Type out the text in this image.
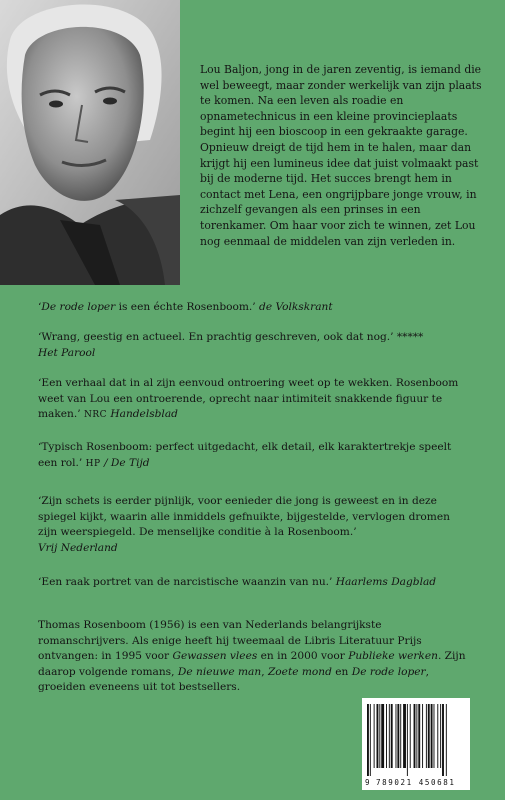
Lou Baljon, jong in de jaren zeventig, is iemand die wel beweegt, maar zonder werkelijk van zijn plaats te komen. Na een leven als roadie en opnametechnicus in een kleine provincieplaats begint hij een bioscoop in een gekraakte garage. Opnieuw dreigt de tijd hem in te halen, maar dan krijgt hij een lumineus idee dat juist volmaakt past bij de moderne tijd. Het succes brengt hem in contact met Lena, een ongrijpbare jonge vrouw, in zichzelf gevangen als een prinses in een torenkamer. Om haar voor zich te winnen, zet Lou nog eenmaal de middelen van zijn verleden in.
‘De rode loper is een échte Rosenboom.’ de Volkskrant
‘Wrang, geestig en actueel. En prachtig geschreven, ook dat nog.’ *****
Het Parool
‘Een verhaal dat in al zijn eenvoud ontroering weet op te wekken. Rosenboom weet van Lou een ontroerende, oprecht naar intimiteit snakkende figuur te maken.’ NRC Handelsblad
‘Typisch Rosenboom: perfect uitgedacht, elk detail, elk karaktertrekje speelt een rol.’ HP / De Tijd
‘Zijn schets is eerder pijnlijk, voor eenieder die jong is geweest en in deze spiegel kijkt, waarin alle inmiddels gefnuikte, bijgestelde, vervlogen dromen zijn weerspiegeld. De menselijke conditie à la Rosenboom.’
Vrij Nederland
‘Een raak portret van de narcistische waanzin van nu.’ Haarlems Dagblad
Thomas Rosenboom (1956) is een van Nederlands belangrijkste romanschrijvers. Als enige heeft hij tweemaal de Libris Literatuur Prijs ontvangen: in 1995 voor Gewassen vlees en in 2000 voor Publieke werken. Zijn daarop volgende romans, De nieuwe man, Zoete mond en De rode loper, groeiden eveneens uit tot bestsellers.
9 789021 450681
